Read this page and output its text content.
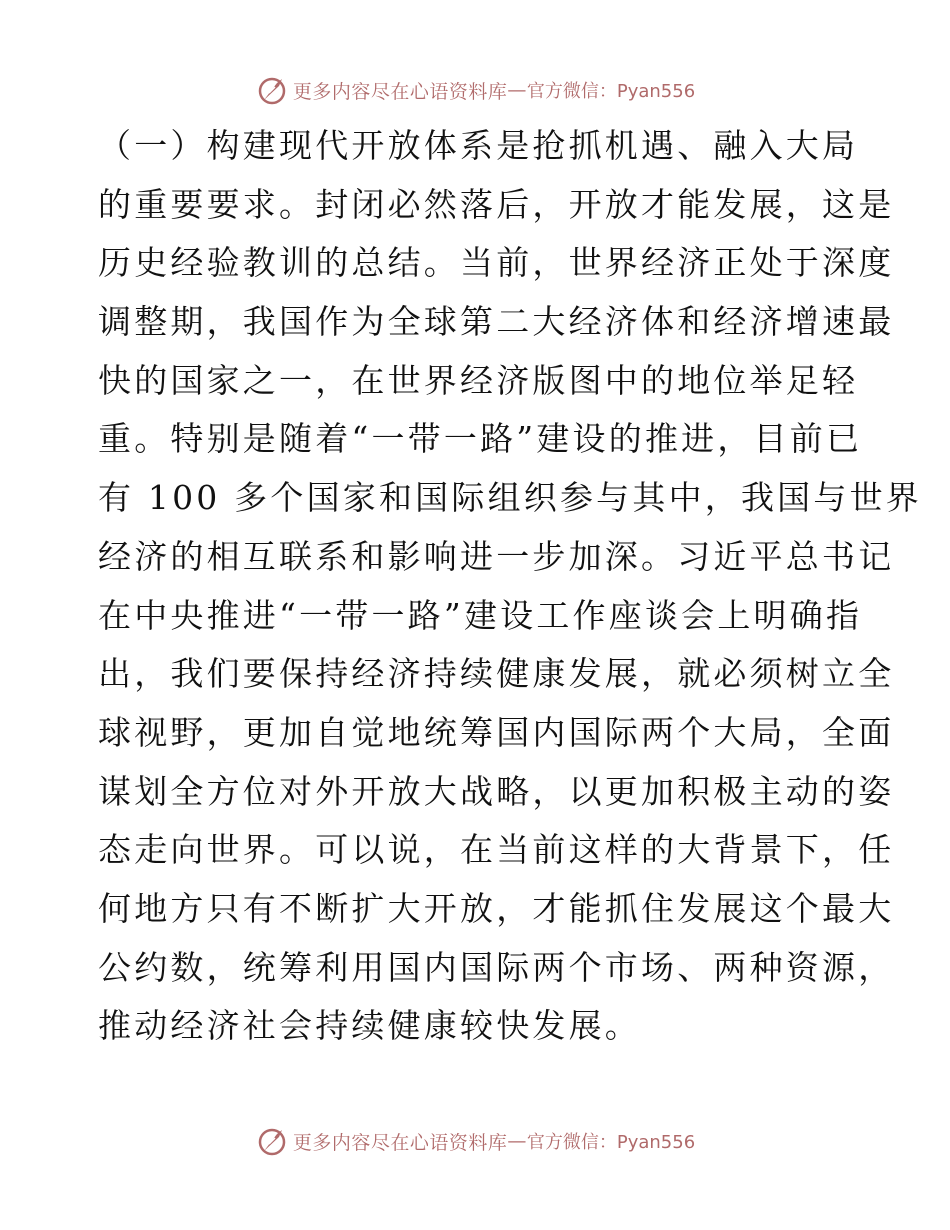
更多内容尽在心语资料库 — 官方微信：Pyan556
（一）构建现代开放体系是抢抓机遇、融入大局
的重要要求。封闭必然落后，开放才能发展，这是
历史经验教训的总结。当前，世界经济正处于深度
调整期，我国作为全球第二大经济体和经济增速最
快的国家之一，在世界经济版图中的地位举足轻
重。特别是随着“一带一路”建设的推进，目前已
有 100 多个国家和国际组织参与其中，我国与世界
经济的相互联系和影响进一步加深。习近平总书记
在中央推进“一带一路”建设工作座谈会上明确指
出，我们要保持经济持续健康发展，就必须树立全
球视野，更加自觉地统筹国内国际两个大局，全面
谋划全方位对外开放大战略，以更加积极主动的姿
态走向世界。可以说，在当前这样的大背景下，任
何地方只有不断扩大开放，才能抓住发展这个最大
公约数，统筹利用国内国际两个市场、两种资源，
推动经济社会持续健康较快发展。
更多内容尽在心语资料库 — 官方微信：Pyan556
